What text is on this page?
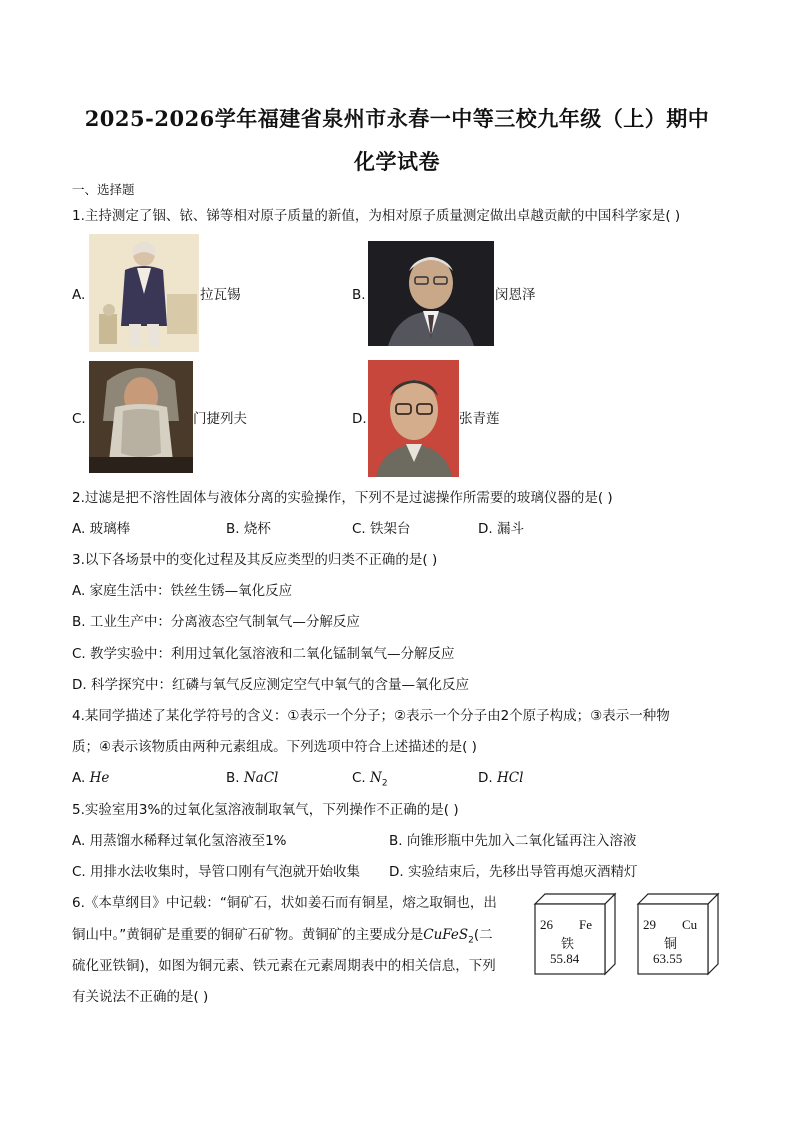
2025-2026学年福建省泉州市永春一中等三校九年级（上）期中
化学试卷
一、选择题
1.主持测定了铟、铱、锑等相对原子质量的新值，为相对原子质量测定做出卓越贡献的中国科学家是( )
A.	拉瓦锡	B.	闵恩泽
C.	门捷列夫	D.	张青莲
2.过滤是把不溶性固体与液体分离的实验操作，下列不是过滤操作所需要的玻璃仪器的是( )
A. 玻璃棒	B. 烧杯	C. 铁架台	D. 漏斗
3.以下各场景中的变化过程及其反应类型的归类不正确的是( )
A. 家庭生活中：铁丝生锈—氧化反应
B. 工业生产中：分离液态空气制氧气—分解反应
C. 教学实验中：利用过氧化氢溶液和二氧化锰制氧气—分解反应
D. 科学探究中：红磷与氧气反应测定空气中氧气的含量—氧化反应
4.某同学描述了某化学符号的含义：①表示一个分子；②表示一个分子由2个原子构成；③表示一种物
质；④表示该物质由两种元素组成。下列选项中符合上述描述的是( )
A. He	B. NaCl	C. $N_2$	D. HCl
5.实验室用3%的过氧化氢溶液制取氧气，下列操作不正确的是( )
A. 用蒸馏水稀释过氧化氢溶液至1%	B. 向锥形瓶中先加入二氧化锰再注入溶液
C. 用排水法收集时，导管口刚有气泡就开始收集 D. 实验结束后，先移出导管再熄灭酒精灯
6.《本草纲目》中记载：“铜矿石，状如姜石而有铜星，熔之取铜也，出
铜山中。”黄铜矿是重要的铜矿石矿物。黄铜矿的主要成分是CuFeS$_2$(二
硫化亚铁铜)，如图为铜元素、铁元素在元素周期表中的相关信息，下列
有关说法不正确的是( )
26 Fe
铁
55.84
29 Cu
铜
63.55
